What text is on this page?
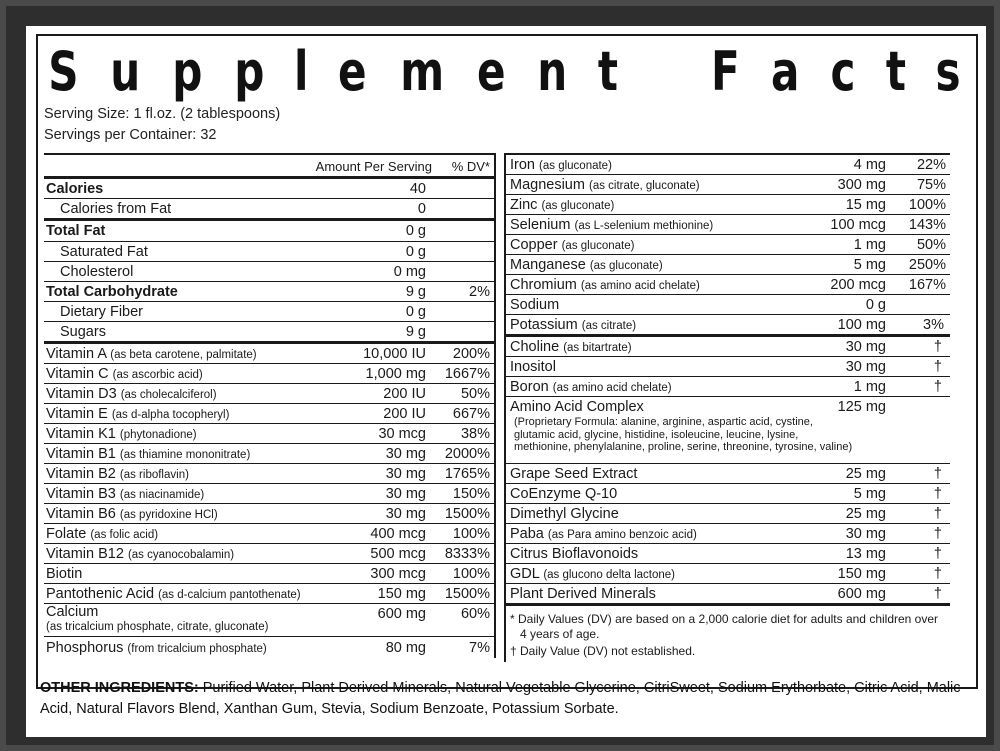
S u p p l e m e n t F a c t s
Serving Size: 1 fl.oz. (2 tablespoons)
Servings per Container: 32
Amount Per Serving % DV*
Calories	40
Calories from Fat	0
Total Fat	0 g
Saturated Fat	0 g
Cholesterol	0 mg
Total Carbohydrate	9 g	2%
Dietary Fiber	0 g
Sugars	9 g
Vitamin A (as beta carotene, palmitate)	10,000 IU 200%
Vitamin C (as ascorbic acid)	1,000 mg 1667%
Vitamin D3 (as cholecalciferol)	200 IU 50%
Vitamin E (as d-alpha tocopheryl)	200 IU 667%
Vitamin K1 (phytonadione)	30 mcg 38%
Vitamin B1 (as thiamine mononitrate)	30 mg 2000%
Vitamin B2 (as riboflavin)	30 mg 1765%
Vitamin B3 (as niacinamide)	30 mg 150%
Vitamin B6 (as pyridoxine HCl)	30 mg 1500%
Folate (as folic acid)	400 mcg 100%
Vitamin B12 (as cyanocobalamin)	500 mcg 8333%
Biotin	300 mcg 100%
Pantothenic Acid (as d-calcium pantothenate)	150 mg 1500%
Calcium
(as tricalcium phosphate, citrate, gluconate)
600 mg 60%
Phosphorus (from tricalcium phosphate)	80 mg	7%
Iron (as gluconate)	4 mg 22%
Magnesium (as citrate, gluconate)	300 mg 75%
Zinc (as gluconate)	15 mg 100%
Selenium (as L-selenium methionine)	100 mcg 143%
Copper (as gluconate)	1 mg 50%
Manganese (as gluconate)	5 mg 250%
Chromium (as amino acid chelate)	200 mcg 167%
Sodium	0 g
Potassium (as citrate)	100 mg	3%
Choline (as bitartrate)	30 mg	†
Inositol	30 mg	†
Boron (as amino acid chelate)	1 mg	†
Amino Acid Complex	125 mg
(Proprietary Formula: alanine, arginine, aspartic acid, cystine,
glutamic acid, glycine, histidine, isoleucine, leucine, lysine,
methionine, phenylalanine, proline, serine, threonine, tyrosine, valine)
Grape Seed Extract	25 mg	†
CoEnzyme Q-10	5 mg	†
Dimethyl Glycine	25 mg	†
Paba (as Para amino benzoic acid)	30 mg	†
Citrus Bioflavonoids	13 mg	†
GDL (as glucono delta lactone)	150 mg	†
Plant Derived Minerals	600 mg	†
* Daily Values (DV) are based on a 2,000 calorie diet for adults and children over
4 years of age.
† Daily Value (DV) not established.
OTHER INGREDIENTS: Purified Water, Plant Derived Minerals, Natural Vegetable Glycerine, CitriSweet, Sodium Erythorbate, Citric Acid, Malic Acid, Natural Flavors Blend, Xanthan Gum, Stevia, Sodium Benzoate, Potassium Sorbate.
